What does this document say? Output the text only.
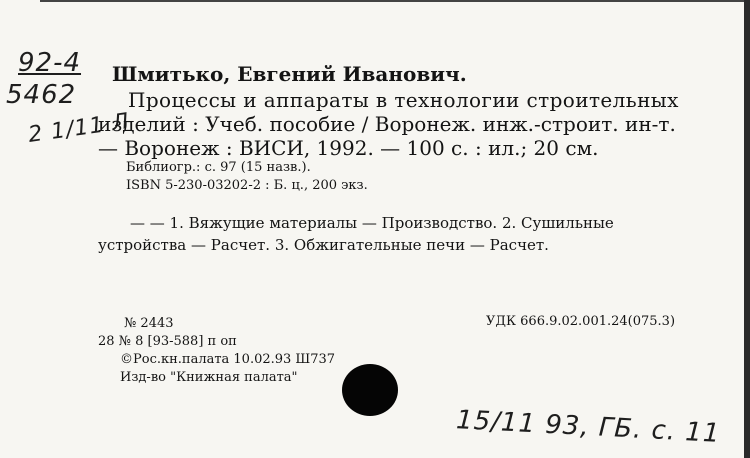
92-4
5462
2 1/11 Л
Шмитько, Евгений Иванович.
Процессы и аппараты в технологии строительных
изделий : Учеб. пособие / Воронеж. инж.-строит. ин-т.
— Воронеж : ВИСИ, 1992. — 100 с. : ил.; 20 см.
Библиогр.: с. 97 (15 назв.).
ISBN 5-230-03202-2 : Б. ц., 200 экз.
— — 1. Вяжущие материалы — Производство. 2. Сушильные
устройства — Расчет. 3. Обжигательные печи — Расчет.
№ 2443	УДК 666.9.02.001.24(075.3)
28 № 8 [93-588] п оп
©Рос.кн.палата 10.02.93 Ш737
Изд-во "Книжная палата"
15/11 93, ГБ. с. 11
